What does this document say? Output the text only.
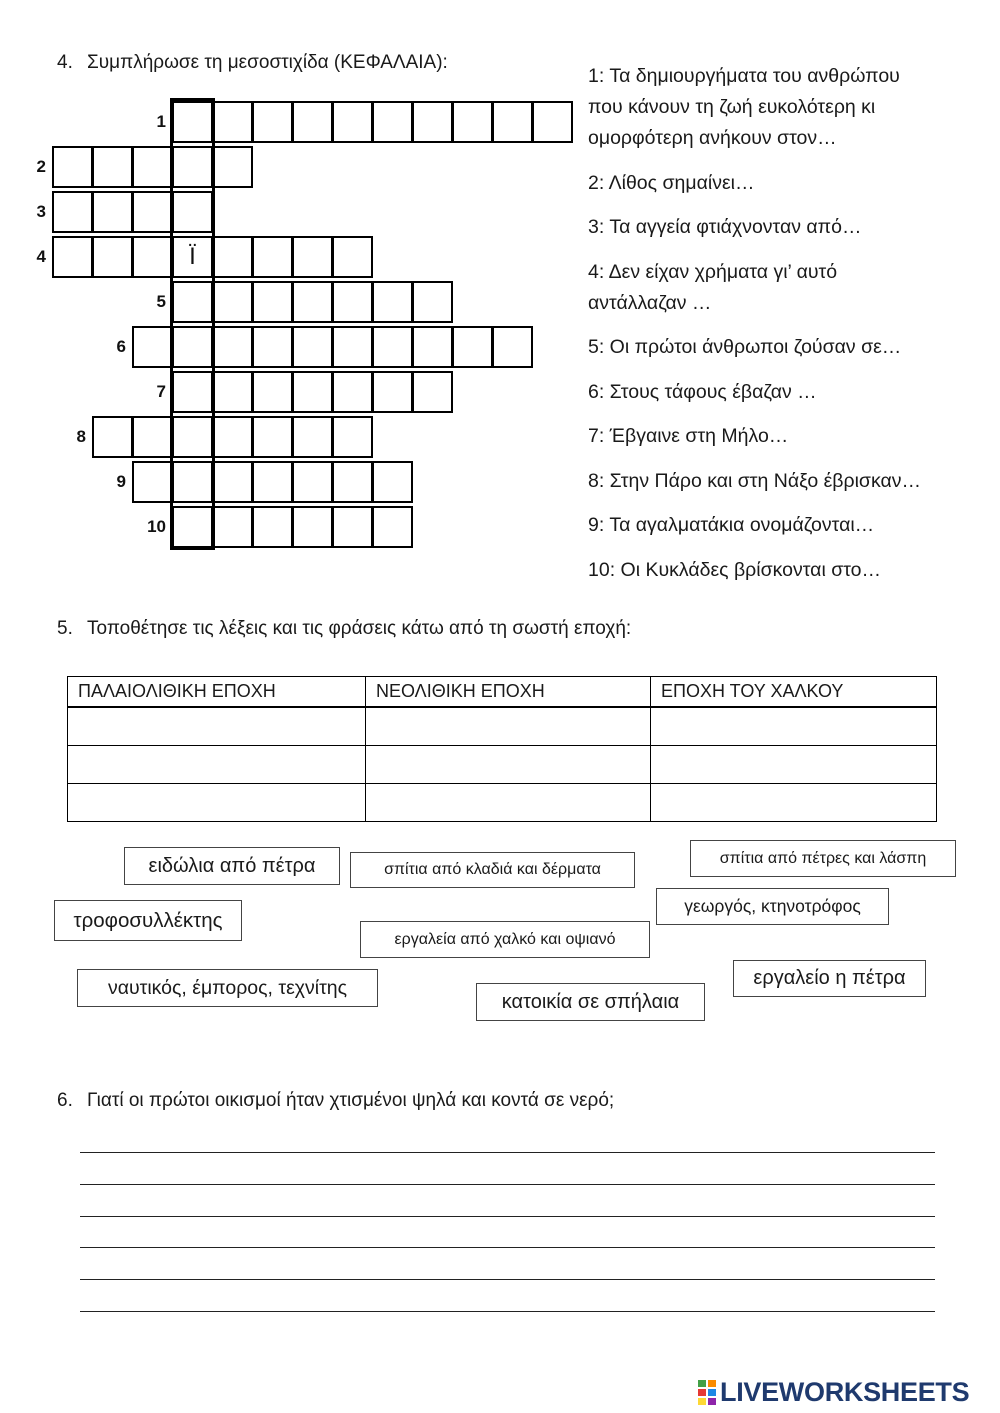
4. Συμπλήρωσε τη μεσοστιχίδα (ΚΕΦΑΛΑΙΑ):
1
2
3
4	Ϊ
5
6
7
8
9
10
1: Τα δημιουργήματα του ανθρώπου
που κάνουν τη ζωή ευκολότερη κι
ομορφότερη ανήκουν στον…
2: Λίθος σημαίνει…
3: Τα αγγεία φτιάχνονταν από…
4: Δεν είχαν χρήματα γι’ αυτό
αντάλλαζαν …
5: Οι πρώτοι άνθρωποι ζούσαν σε…
6: Στους τάφους έβαζαν …
7: Έβγαινε στη Μήλο…
8: Στην Πάρο και στη Νάξο έβρισκαν…
9: Τα αγαλματάκια ονομάζονται…
10: Οι Κυκλάδες βρίσκονται στο…
5. Τοποθέτησε τις λέξεις και τις φράσεις κάτω από τη σωστή εποχή:
ΠΑΛΑΙΟΛΙΘΙΚΗ ΕΠΟΧΗ	ΝΕΟΛΙΘΙΚΗ ΕΠΟΧΗ	ΕΠΟΧΗ ΤΟΥ ΧΑΛΚΟΥ

ειδώλια από πέτρα	σπίτια από κλαδιά και δέρματα
σπίτια από πέτρες και λάσπη
τροφοσυλλέκτης
γεωργός, κτηνοτρόφος
εργαλεία από χαλκό και οψιανό
ναυτικός, έμπορος, τεχνίτης	εργαλείο η πέτρα
κατοικία σε σπήλαια
6. Γιατί οι πρώτοι οικισμοί ήταν χτισμένοι ψηλά και κοντά σε νερό;
LIVEWORKSHEETS
